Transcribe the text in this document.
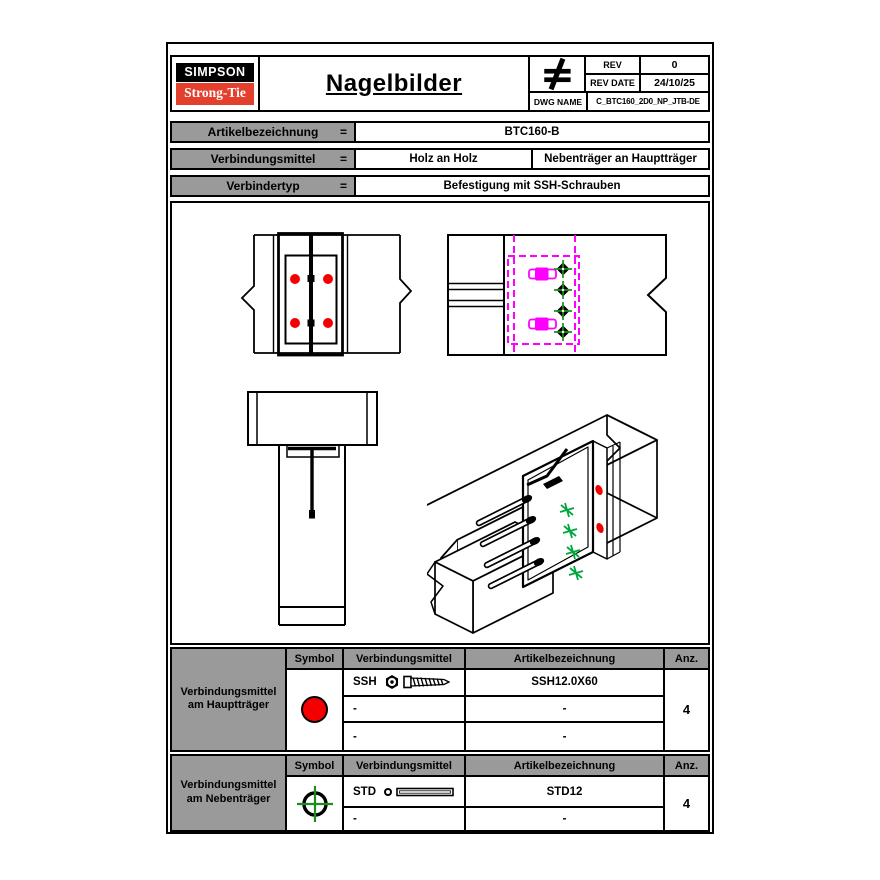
SIMPSON
Strong-Tie	Nagelbilder
REV	0
REV DATE	24/10/25
DWG NAME	C_BTC160_2D0_NP_JTB-DE
Artikelbezeichnung =	BTC160-B
Verbindungsmittel =	Holz an Holz	Nebenträger an Hauptträger
Verbindertyp	=	Befestigung mit SSH-Schrauben
Verbindungsmittel
am Hauptträger
Symbol	Verbindungsmittel	Artikelbezeichnung	Anz.
SSH	SSH12.0X60
-	-
-	-
4
Verbindungsmittel
am Nebenträger
Symbol	Verbindungsmittel	Artikelbezeichnung	Anz.
STD	STD12
-	-
4
